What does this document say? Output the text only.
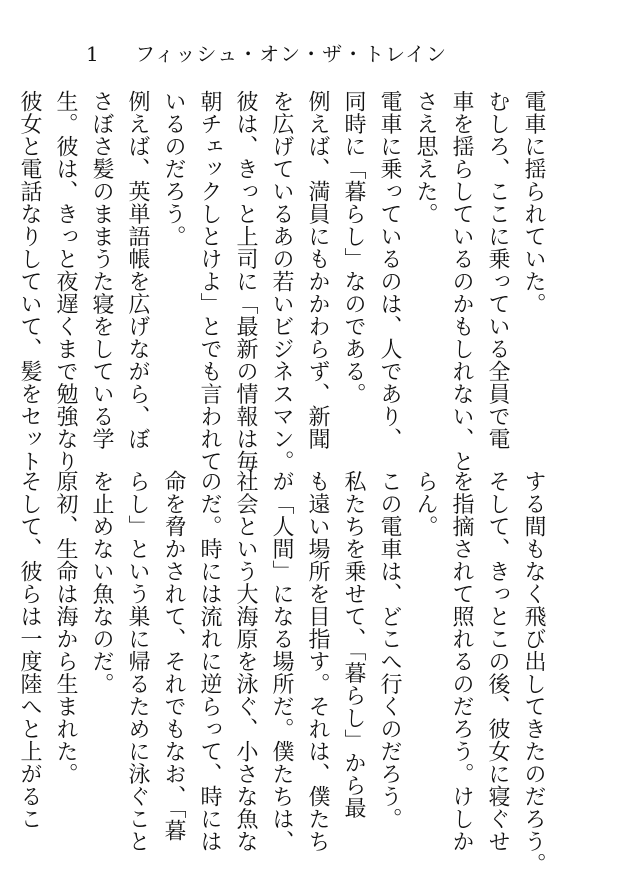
1 フィッシュ・オン・ザ・トレイン
電車に揺られていた。
むしろ、ここに乗っている全員で電
車を揺らしているのかもしれない、と
さえ思えた。
電車に乗っているのは、人であり、
同時に「暮らし」なのである。
例えば、満員にもかかわらず、新聞
を広げているあの若いビジネスマン。
彼は、きっと上司に「最新の情報は毎
朝チェックしとけよ」とでも言われて
いるのだろう。
例えば、英単語帳を広げながら、ぼ
さぼさ髪のままうた寝をしている学
生。彼は、きっと夜遅くまで勉強なり
彼女と電話なりしていて、髪をセット
する間もなく飛び出してきたのだろう。
そして、きっとこの後、彼女に寝ぐせ
を指摘されて照れるのだろう。けしか
らん。
この電車は、どこへ行くのだろう。
私たちを乗せて、「暮らし」から最
も遠い場所を目指す。それは、僕たち
が「人間」になる場所だ。僕たちは、
社会という大海原を泳ぐ、小さな魚な
のだ。時には流れに逆らって、時には
命を脅かされて、それでもなお、「暮
らし」という巣に帰るために泳ぐこと
を止めない魚なのだ。
原初、生命は海から生まれた。
そして、彼らは一度陸へと上がるこ
